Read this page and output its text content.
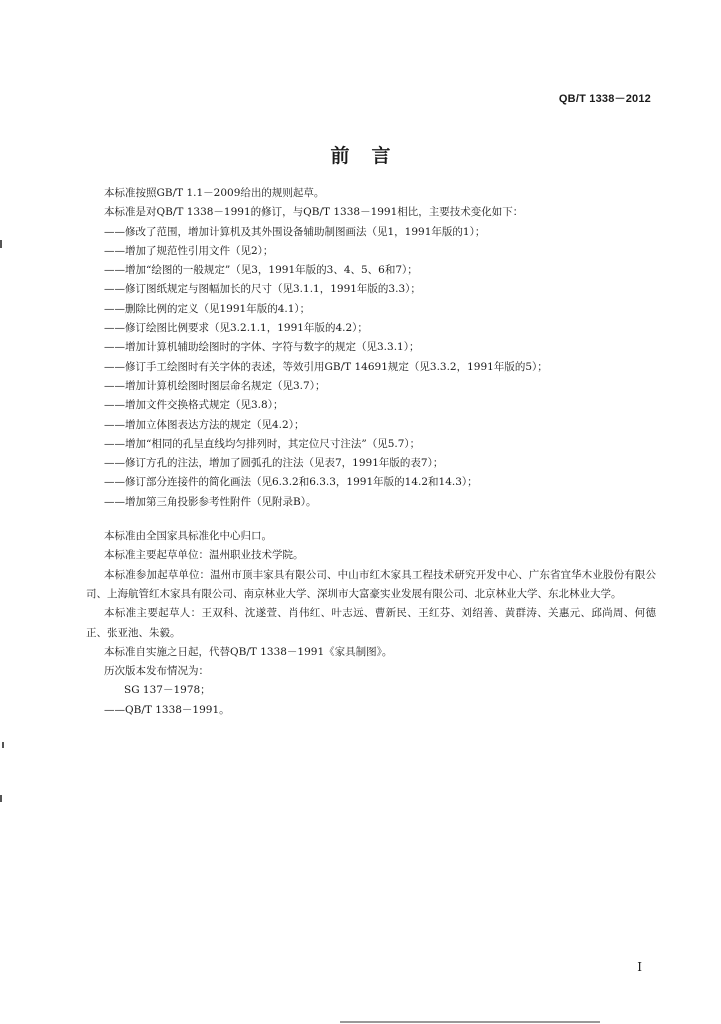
QB/T 1338－2012
前言
本标准按照GB/T 1.1－2009给出的规则起草。
本标准是对QB/T 1338－1991的修订，与QB/T 1338－1991相比，主要技术变化如下：
——修改了范围，增加计算机及其外围设备辅助制图画法（见1，1991年版的1）；
——增加了规范性引用文件（见2）；
——增加“绘图的一般规定”（见3，1991年版的3、4、5、6和7）；
——修订图纸规定与图幅加长的尺寸（见3.1.1，1991年版的3.3）；
——删除比例的定义（见1991年版的4.1）；
——修订绘图比例要求（见3.2.1.1，1991年版的4.2）；
——增加计算机辅助绘图时的字体、字符与数字的规定（见3.3.1）；
——修订手工绘图时有关字体的表述，等效引用GB/T 14691规定（见3.3.2，1991年版的5）；
——增加计算机绘图时图层命名规定（见3.7）；
——增加文件交换格式规定（见3.8）；
——增加立体图表达方法的规定（见4.2）；
——增加“相同的孔呈直线均匀排列时，其定位尺寸注法”（见5.7）；
——修订方孔的注法，增加了圆弧孔的注法（见表7，1991年版的表7）；
——修订部分连接件的简化画法（见6.3.2和6.3.3，1991年版的14.2和14.3）；
——增加第三角投影参考性附件（见附录B）。
本标准由全国家具标准化中心归口。
本标准主要起草单位：温州职业技术学院。
本标准参加起草单位：温州市顶丰家具有限公司、中山市红木家具工程技术研究开发中心、广东省宜华木业股份有限公司、上海航管红木家具有限公司、南京林业大学、深圳市大富豪实业发展有限公司、北京林业大学、东北林业大学。
本标准主要起草人：王双科、沈遂萱、肖伟红、叶志远、曹新民、王红芬、刘绍善、黄群涛、关惠元、邱尚周、何德正、张亚池、朱毅。
本标准自实施之日起，代替QB/T 1338－1991《家具制图》。
历次版本发布情况为：
SG 137－1978；
——QB/T 1338－1991。
I
